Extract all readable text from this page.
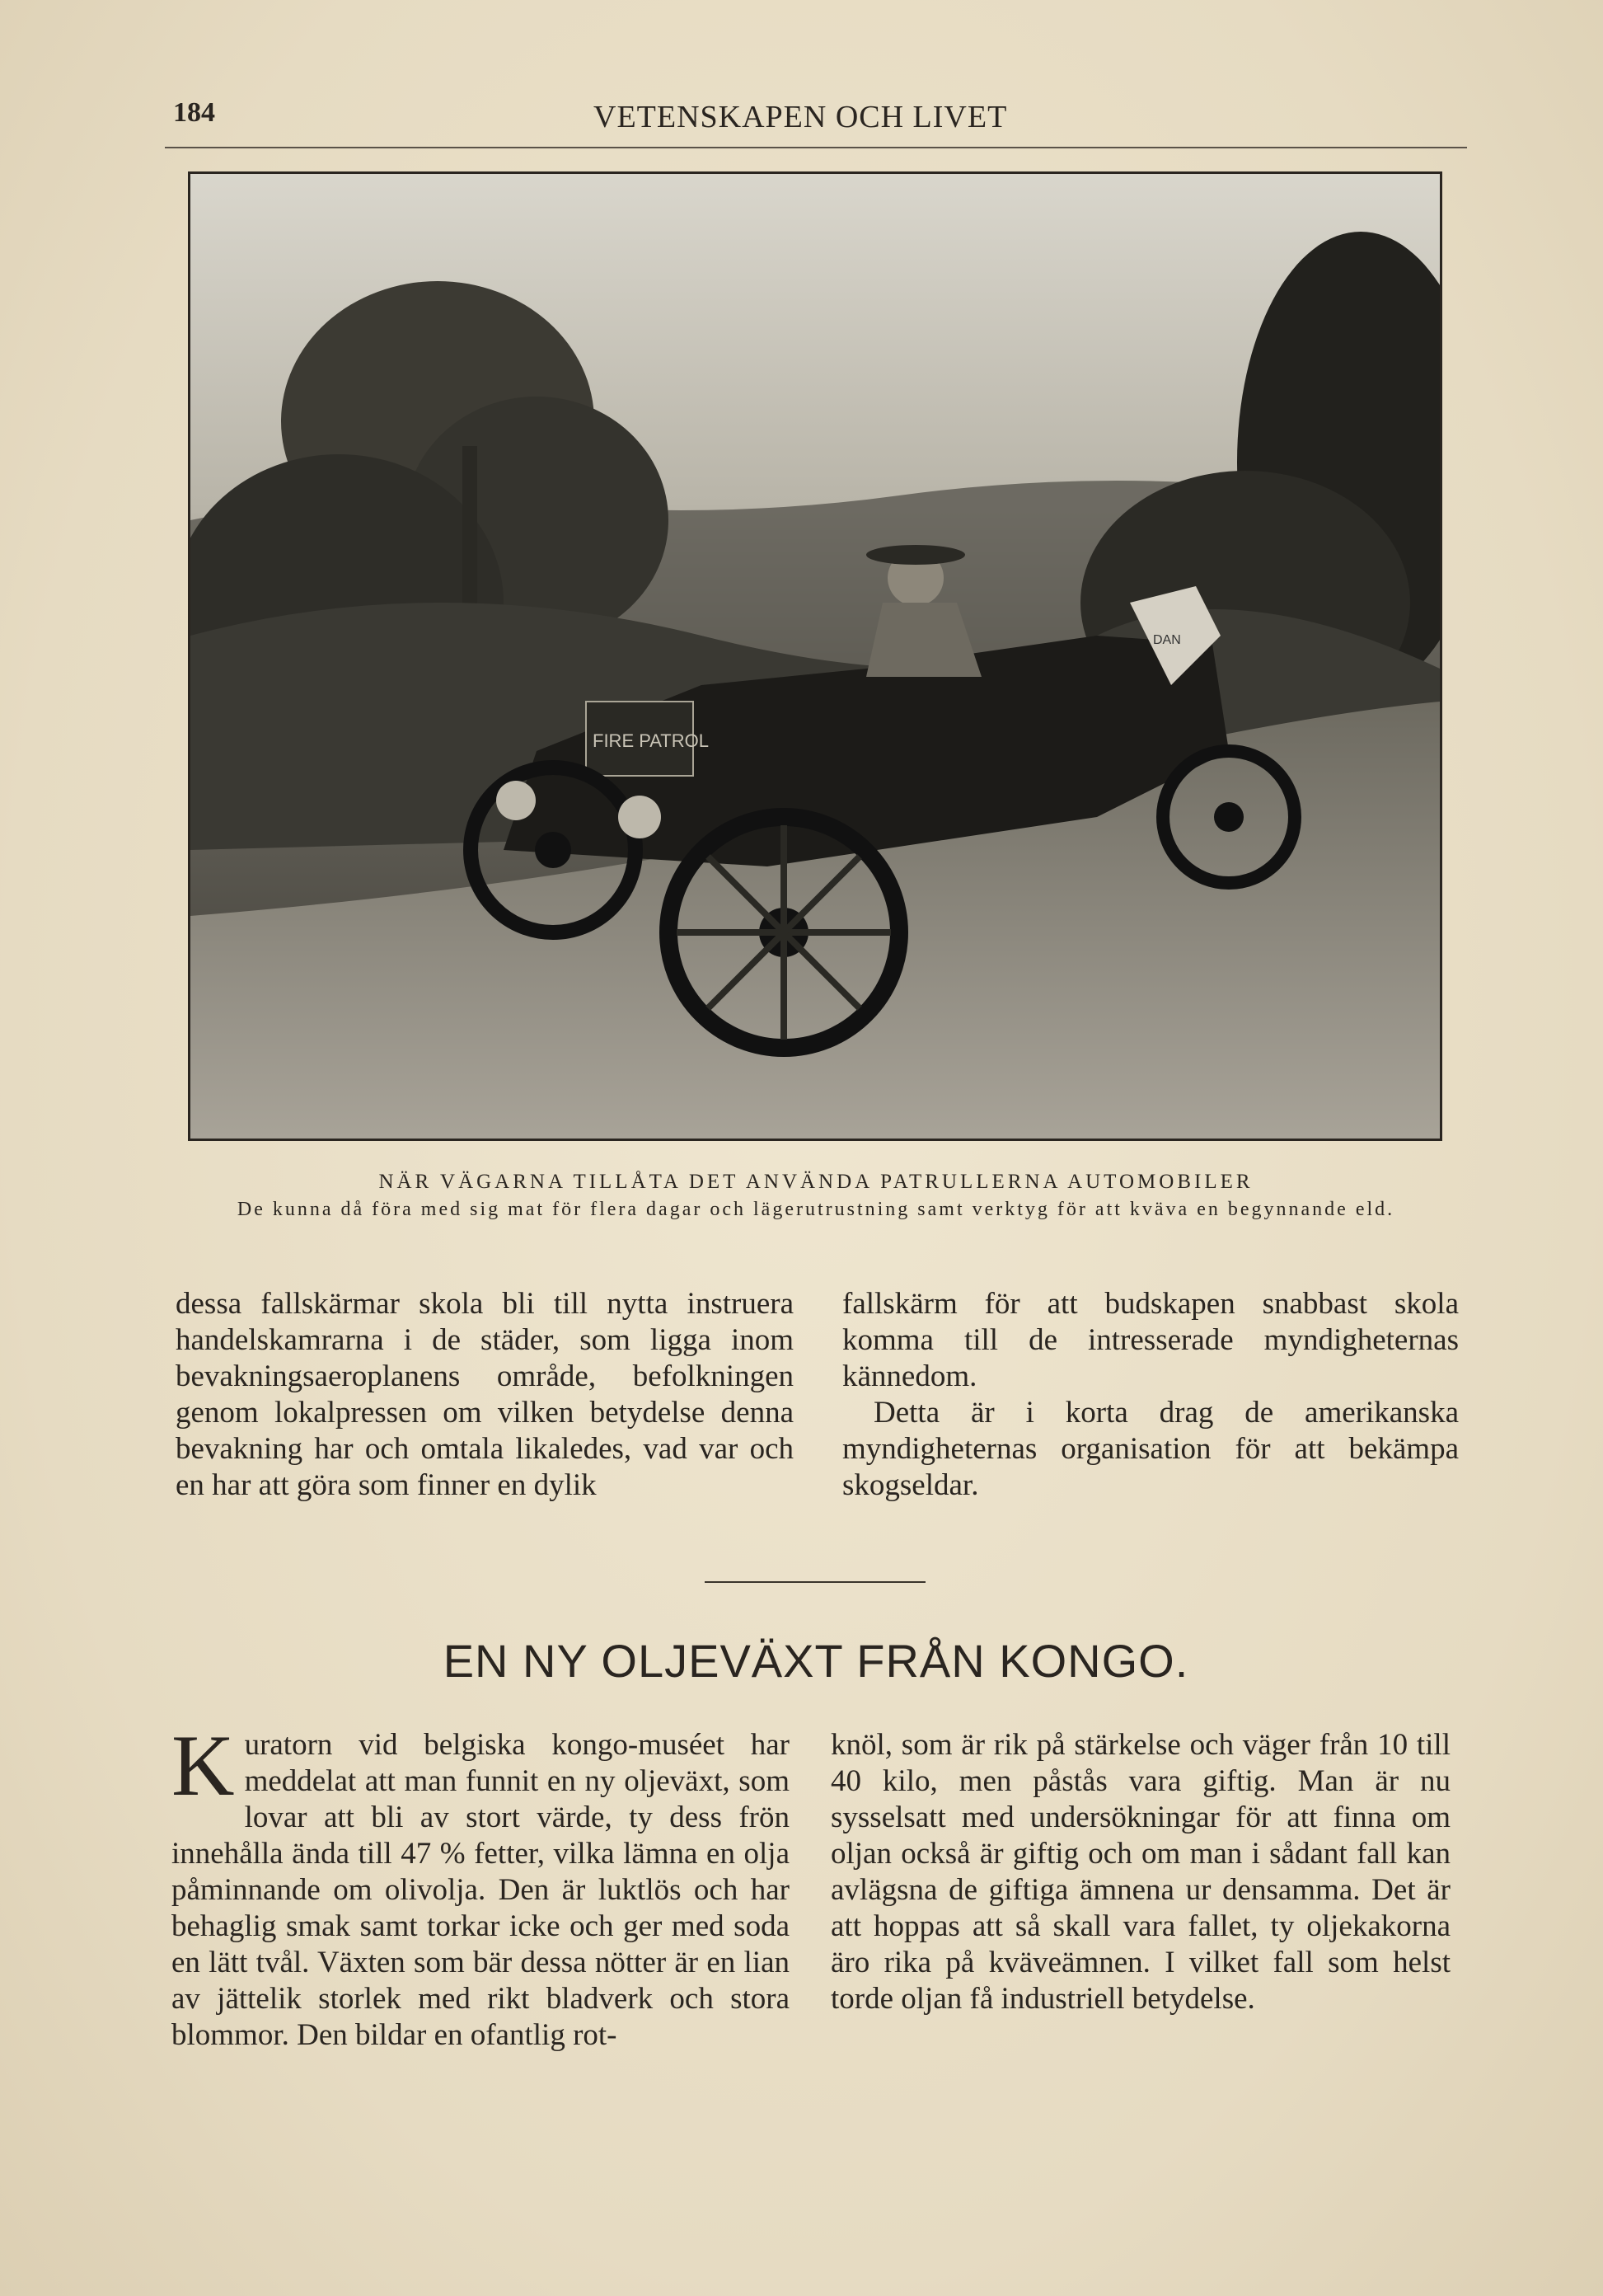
184	VETENSKAPEN OCH LIVET
FIRE PATROL
DAN
NÄR VÄGARNA TILLÅTA DET ANVÄNDA PATRULLERNA AUTOMOBILER
De kunna då föra med sig mat för flera dagar och lägerutrustning samt verktyg för att kväva en begynnande eld.

dessa fallskärmar skola bli till nytta instruera handelskamrarna i de städer, som ligga inom bevakningsaeroplanens område, befolkningen genom lokalpressen om vilken betydelse denna bevakning har och omtala likaledes, vad var och en har att göra som finner en dylik

fallskärm för att budskapen snabbast skola komma till de intresserade myndigheternas kännedom.

Detta är i korta drag de amerikanska myndigheternas organisation för att bekämpa skogseldar.

EN NY OLJEVÄXT FRÅN KONGO.

Kuratorn vid belgiska kongo-muséet har meddelat att man funnit en ny oljeväxt, som lovar att bli av stort värde, ty dess frön innehålla ända till 47 % fetter, vilka lämna en olja påminnande om olivolja. Den är luktlös och har behaglig smak samt torkar icke och ger med soda en lätt tvål. Växten som bär dessa nötter är en lian av jättelik storlek med rikt bladverk och stora blommor. Den bildar en ofantlig rot-

knöl, som är rik på stärkelse och väger från 10 till 40 kilo, men påstås vara giftig. Man är nu sysselsatt med undersökningar för att finna om oljan också är giftig och om man i sådant fall kan avlägsna de giftiga ämnena ur densamma. Det är att hoppas att så skall vara fallet, ty oljekakorna äro rika på kväveämnen. I vilket fall som helst torde oljan få industriell betydelse.
